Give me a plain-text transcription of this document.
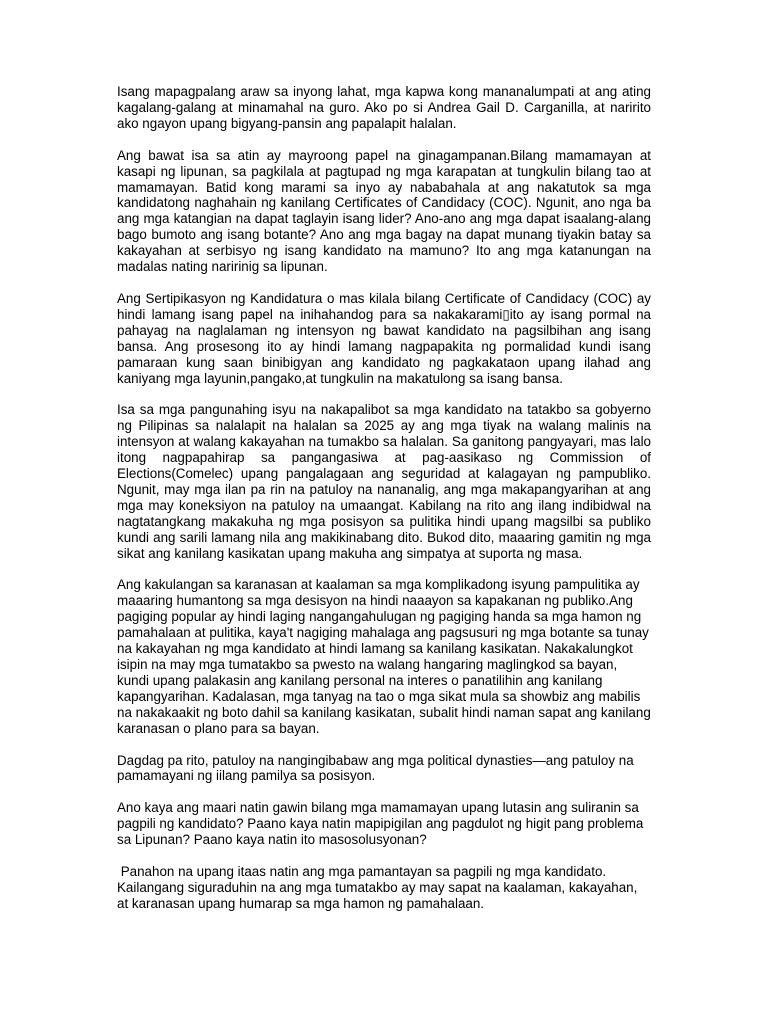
Isang mapagpalang araw sa inyong lahat, mga kapwa kong mananalumpati at ang ating kagalang-galang at minamahal na guro. Ako po si Andrea Gail D. Carganilla, at naririto ako ngayon upang bigyang-pansin ang papalapit halalan.

Ang bawat isa sa atin ay mayroong papel na ginagampanan.Bilang mamamayan at kasapi ng lipunan, sa pagkilala at pagtupad ng mga karapatan at tungkulin bilang tao at mamamayan. Batid kong marami sa inyo ay nababahala at ang nakatutok sa mga kandidatong naghahain ng kanilang Certificates of Candidacy (COC). Ngunit, ano nga ba ang mga katangian na dapat taglayin isang lider? Ano-ano ang mga dapat isaalang-alang bago bumoto ang isang botante? Ano ang mga bagay na dapat munang tiyakin batay sa kakayahan at serbisyo ng isang kandidato na mamuno? Ito ang mga katanungan na madalas nating naririnig sa lipunan.

Ang Sertipikasyon ng Kandidatura o mas kilala bilang Certificate of Candidacy (COC) ay hindi lamang isang papel na inihahandog para sa nakakarami▯ito ay isang pormal na pahayag na naglalaman ng intensyon ng bawat kandidato na pagsilbihan ang isang bansa. Ang prosesong ito ay hindi lamang nagpapakita ng pormalidad kundi isang pamaraan kung saan binibigyan ang kandidato ng pagkakataon upang ilahad ang kaniyang mga layunin,pangako,at tungkulin na makatulong sa isang bansa.

Isa sa mga pangunahing isyu na nakapalibot sa mga kandidato na tatakbo sa gobyerno ng Pilipinas sa nalalapit na halalan sa 2025 ay ang mga tiyak na walang malinis na intensyon at walang kakayahan na tumakbo sa halalan. Sa ganitong pangyayari, mas lalo itong nagpapahirap sa pangangasiwa at pag-aasikaso ng Commission of Elections(Comelec) upang pangalagaan ang seguridad at kalagayan ng pampubliko. Ngunit, may mga ilan pa rin na patuloy na nananalig, ang mga makapangyarihan at ang mga may koneksiyon na patuloy na umaangat. Kabilang na rito ang ilang indibidwal na nagtatangkang makakuha ng mga posisyon sa pulitika hindi upang magsilbi sa publiko kundi ang sarili lamang nila ang makikinabang dito. Bukod dito, maaaring gamitin ng mga sikat ang kanilang kasikatan upang makuha ang simpatya at suporta ng masa.

Ang kakulangan sa karanasan at kaalaman sa mga komplikadong isyung pampulitika ay maaaring humantong sa mga desisyon na hindi naaayon sa kapakanan ng publiko.Ang pagiging popular ay hindi laging nangangahulugan ng pagiging handa sa mga hamon ng pamahalaan at pulitika, kaya't nagiging mahalaga ang pagsusuri ng mga botante sa tunay na kakayahan ng mga kandidato at hindi lamang sa kanilang kasikatan. Nakakalungkot isipin na may mga tumatakbo sa pwesto na walang hangaring maglingkod sa bayan, kundi upang palakasin ang kanilang personal na interes o panatilihin ang kanilang kapangyarihan. Kadalasan, mga tanyag na tao o mga sikat mula sa showbiz ang mabilis na nakakaakit ng boto dahil sa kanilang kasikatan, subalit hindi naman sapat ang kanilang karanasan o plano para sa bayan.

Dagdag pa rito, patuloy na nangingibabaw ang mga political dynasties—ang patuloy na pamamayani ng iilang pamilya sa posisyon.

Ano kaya ang maari natin gawin bilang mga mamamayan upang lutasin ang suliranin sa pagpili ng kandidato? Paano kaya natin mapipigilan ang pagdulot ng higit pang problema sa Lipunan? Paano kaya natin ito masosolusyonan?

Panahon na upang itaas natin ang mga pamantayan sa pagpili ng mga kandidato. Kailangang siguraduhin na ang mga tumatakbo ay may sapat na kaalaman, kakayahan, at karanasan upang humarap sa mga hamon ng pamahalaan.
